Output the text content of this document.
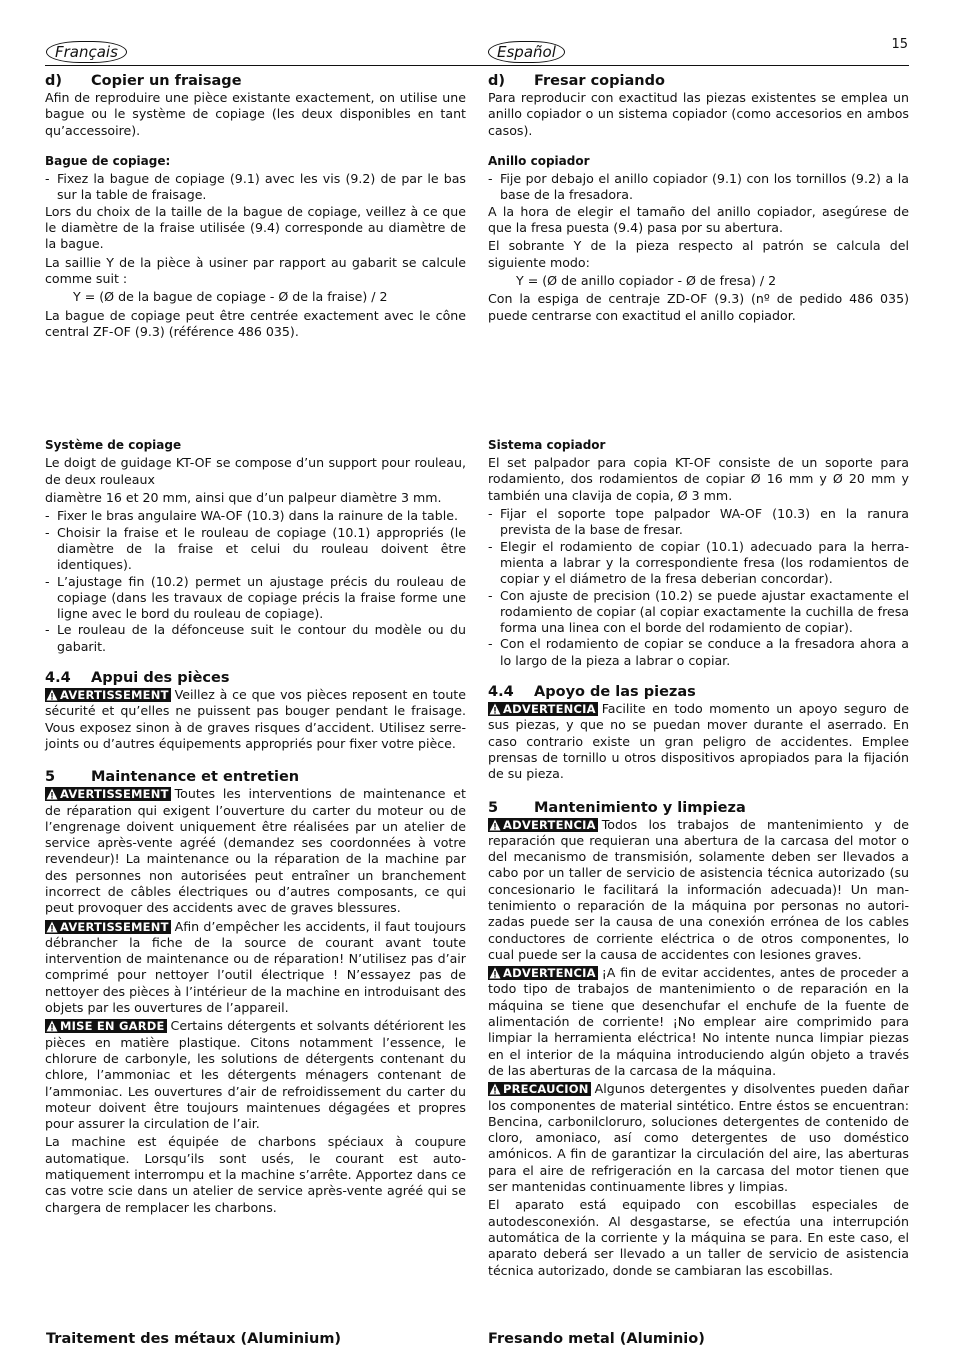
15
Français	Español
d)	Copier un fraisage

Afin de reproduire une pièce existante exactement, on utilise une bague ou le système de copiage (les deux disponibles en tant qu’accessoire).

Bague de copiage:
- Fixez la bague de copiage (9.1) avec les vis (9.2) de par le bas sur la table de fraisage.

Lors du choix de la taille de la bague de copiage, veillez à ce que le diamètre de la fraise utilisée (9.4) corresponde au diamètre de la bague.

La saillie Y de la pièce à usiner par rapport au gabarit se calcule comme suit :

Y = (Ø de la bague de copiage - Ø de la fraise) / 2

La bague de copiage peut être centrée exactement avec le cône central ZF-OF (9.3) (référence 486 035).

Système de copiage

Le doigt de guidage KT-OF se compose d’un support pour rouleau, de deux rouleaux

diamètre 16 et 20 mm, ainsi que d’un palpeur diamètre 3 mm.

- Fixer le bras angulaire WA-OF (10.3) dans la rainure de la table.
- Choisir la fraise et le rouleau de copiage (10.1) appropriés (le diamètre de la fraise et celui du rouleau doivent être identiques).
- L’ajustage fin (10.2) permet un ajustage précis du rouleau de copiage (dans les travaux de copiage précis la fraise forme une ligne avec le bord du rouleau de copiage).
- Le rouleau de la défonceuse suit le contour du modèle ou du gabarit.
4.4	Appui des pièces

AVERTISSEMENT Veillez à ce que vos pièces reposent en toute sécurité et qu’elles ne puissent pas bouger pendant le fraisage. Vous exposez sinon à de graves risques d’accident. Utilisez serre-joints ou d’autres équipements appropriés pour fixer votre pièce.

5	Maintenance et entretien

AVERTISSEMENT Toutes les interventions de maintenance et de réparation qui exigent l’ouverture du carter du moteur ou de l’engrenage doivent uniquement être réalisées par un atelier de service après-vente agréé (demandez ses coordonnées à votre revendeur)! La maintenance ou la réparation de la machine par des personnes non autorisées peut entraîner un branchement incorrect de câbles électriques ou d’autres composants, ce qui peut provoquer des accidents avec de graves blessures.

AVERTISSEMENT Afin d’empêcher les accidents, il faut toujours débrancher la fiche de la source de courant avant toute intervention de maintenance ou de réparation! N’utilisez pas d’air comprimé pour nettoyer l’outil électrique ! N’essayez pas de nettoyer des pièces à l’intérieur de la machine en introduisant des objets par les ouvertures de l’appareil.

MISE EN GARDE Certains détergents et solvants détériorent les pièces en matière plastique. Citons notamment l’essence, le chlorure de carbonyle, les solutions de détergents contenant du chlore, l’ammoniac et les détergents ménagers contenant de l’ammoniac. Les ouvertures d’air de refroidissement du carter du moteur doivent être toujours maintenues dégagées et propres pour assurer la circulation de l’air.

La machine est équipée de charbons spéciaux à coupure automatique. Lorsqu’ils sont usés, le courant est auto-matiquement interrompu et la machine s’arrête. Apportez dans ce cas votre scie dans un atelier de service après-vente agréé qui se chargera de remplacer les charbons.

d)	Fresar copiando

Para reproducir con exactitud las piezas existentes se emplea un anillo copiador o un sistema copiador (como accesorios en ambos casos).

Anillo copiador
- Fije por debajo el anillo copiador (9.1) con los tornillos (9.2) a la base de la fresadora.

A la hora de elegir el tamaño del anillo copiador, asegúrese de que la fresa puesta (9.4) pasa por su abertura.

El sobrante Y de la pieza respecto al patrón se calcula del siguiente modo:

Y = (Ø de anillo copiador - Ø de fresa) / 2

Con la espiga de centraje ZD-OF (9.3) (nº de pedido 486 035) puede centrarse con exactitud el anillo copiador.

Sistema copiador

El set palpador para copia KT-OF consiste de un soporte para rodamiento, dos rodamientos de copiar Ø 16 mm y Ø 20 mm y también una clavija de copia, Ø 3 mm.

- Fijar el soporte tope palpador WA-OF (10.3) en la ranura prevista de la base de fresar.
- Elegir el rodamiento de copiar (10.1) adecuado para la herra-mienta a labrar y la correspondiente fresa (los rodamientos de copiar y el diámetro de la fresa deberian concordar).
- Con ajuste de precision (10.2) se puede ajustar exactamente el rodamiento de copiar (al copiar exactamente la cuchilla de fresa forma una linea con el borde del rodamiento de copiar).
- Con el rodamiento de copiar se conduce a la fresadora ahora a lo largo de la pieza a labrar o copiar.
4.4	Apoyo de las piezas

ADVERTENCIA Facilite en todo momento un apoyo seguro de sus piezas, y que no se puedan mover durante el aserrado. En caso contrario existe un gran peligro de accidentes. Emplee prensas de tornillo u otros dispositivos apropiados para la fijación de su pieza.

5	Mantenimiento y limpieza

ADVERTENCIA Todos los trabajos de mantenimiento y de reparación que requieran una abertura de la carcasa del motor o del mecanismo de transmisión, solamente deben ser llevados a cabo por un taller de servicio de asistencia técnica autorizado (su concesionario le facilitará la información adecuada)! Un man-tenimiento o reparación de la máquina por personas no autori-zadas puede ser la causa de una conexión errónea de los cables conductores de corriente eléctrica o de otros componentes, lo cual puede ser la causa de accidentes con lesiones graves.

ADVERTENCIA ¡A fin de evitar accidentes, antes de proceder a todo tipo de trabajos de mantenimiento o de reparación en la máquina se tiene que desenchufar el enchufe de la fuente de alimentación de corriente! ¡No emplear aire comprimido para limpiar la herramienta eléctrica! No intente nunca limpiar piezas en el interior de la máquina introduciendo algún objeto a través de las aberturas de la carcasa de la máquina.

PRECAUCION Algunos detergentes y disolventes pueden dañar los componentes de material sintético. Entre éstos se encuentran: Bencina, carbonilcloruro, soluciones detergentes de contenido de cloro, amoniaco, así como detergentes de uso doméstico amónicos. A fin de garantizar la circulación del aire, las aberturas para el aire de refrigeración en la carcasa del motor tienen que ser mantenidas continuamente libres y limpias.

El aparato está equipado con escobillas especiales de autodesconexión. Al desgastarse, se efectúa una interrupción automática de la corriente y la máquina se para. En este caso, el aparato deberá ser llevado a un taller de servicio de asistencia técnica autorizado, donde se cambiaran las escobillas.

Traitement des métaux (Aluminium)	Fresando metal (Aluminio)
